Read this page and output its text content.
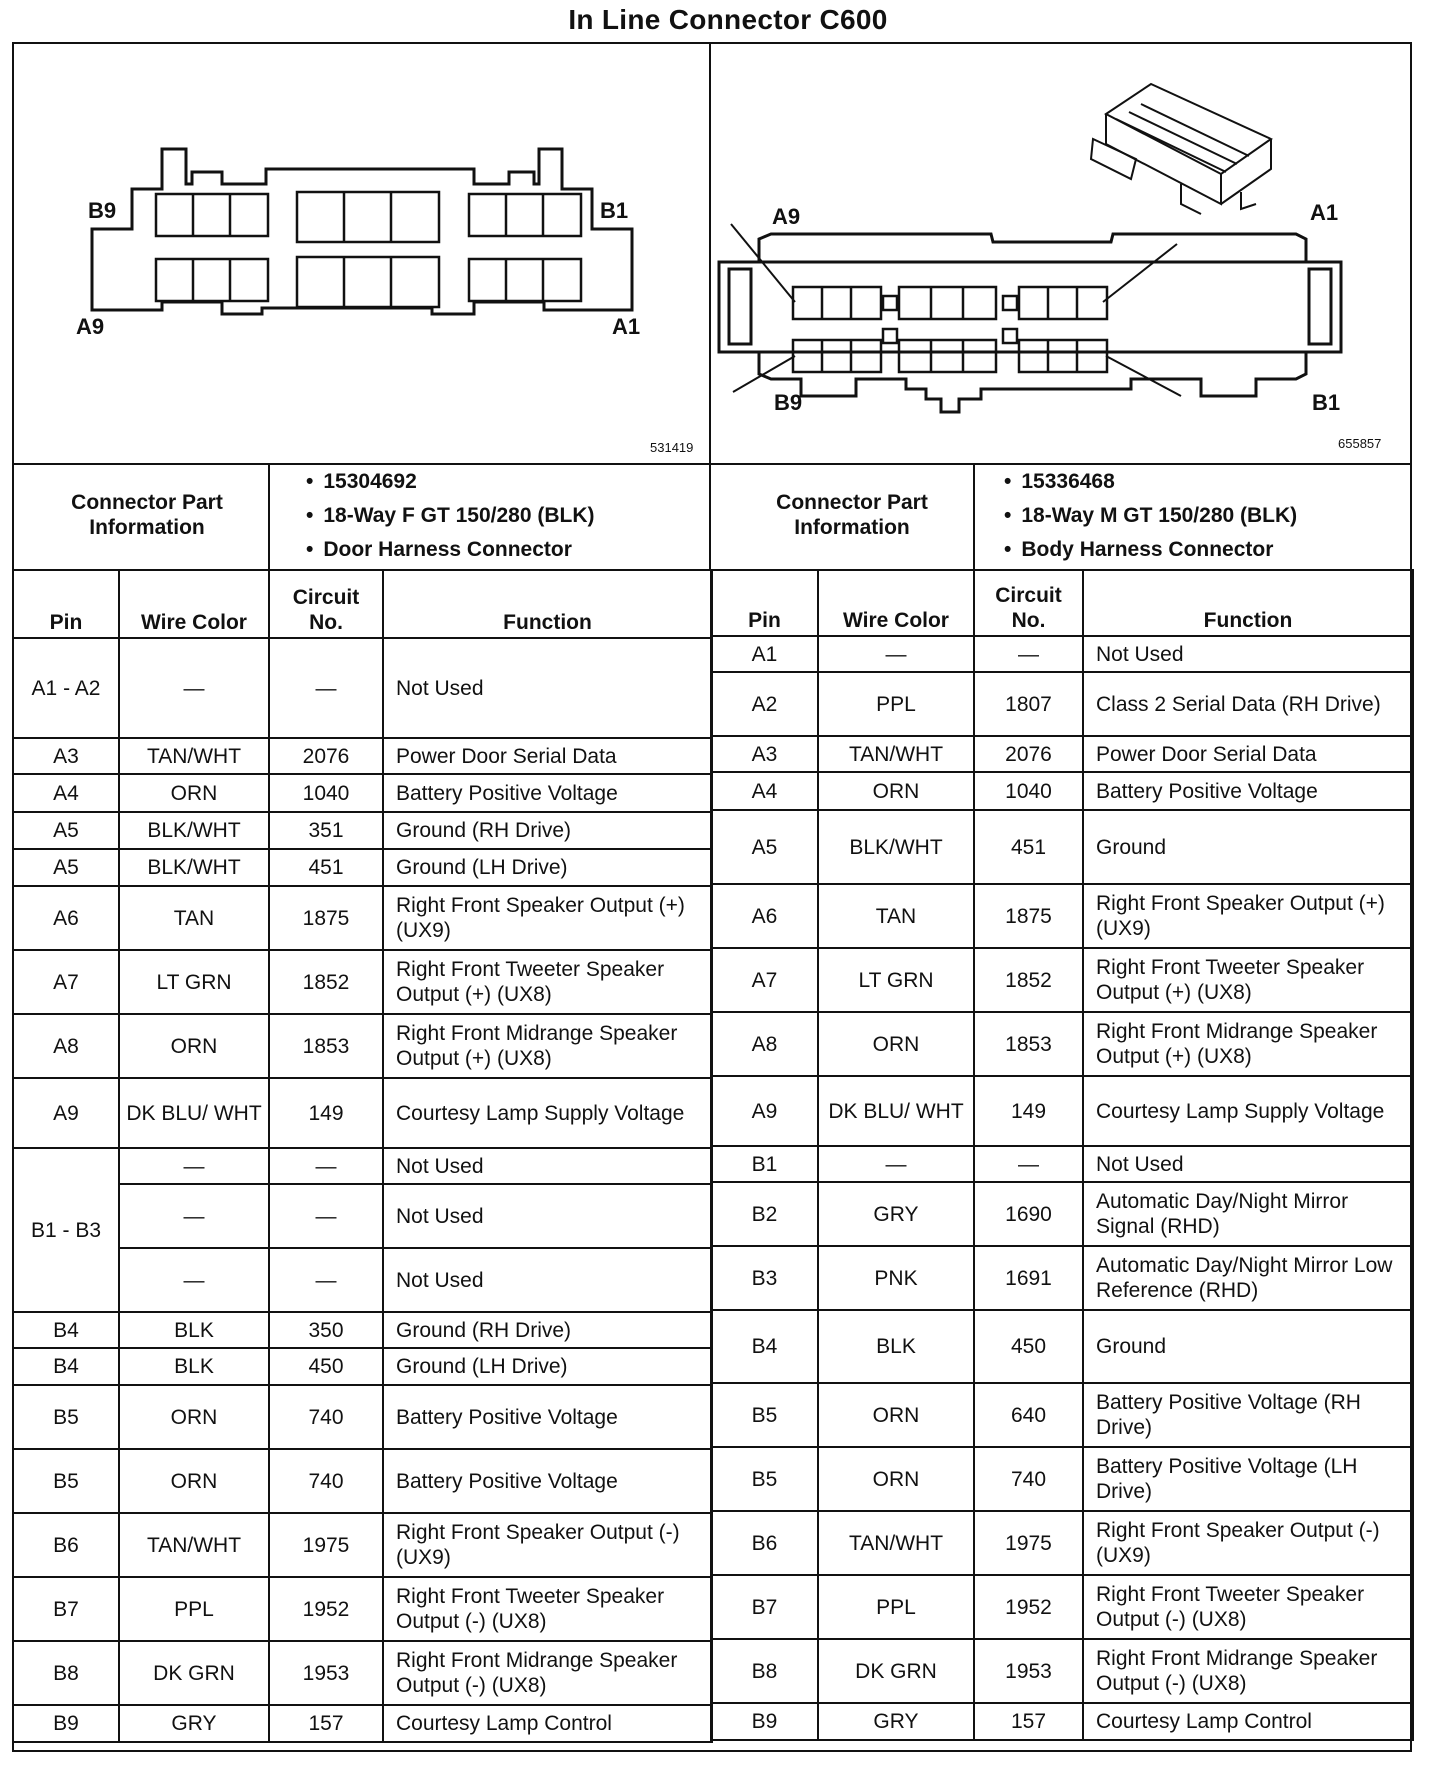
In Line Connector C600
B9	B1
A9	A1
531419
A9	A1
B9	B1
655857
Connector Part Information
• 15304692
• 18-Way F GT 150/280 (BLK)
• Door Harness Connector
Connector Part Information
• 15336468
• 18-Way M GT 150/280 (BLK)
• Body Harness Connector
Pin	Wire Color	Circuit No.	Function
A1 - A2	—	—	Not Used
A3	TAN/WHT	2076	Power Door Serial Data
A4	ORN	1040	Battery Positive Voltage
A5	BLK/WHT	351	Ground (RH Drive)
A5	BLK/WHT	451	Ground (LH Drive)
A6	TAN	1875	Right Front Speaker Output (+) (UX9)
A7	LT GRN	1852	Right Front Tweeter Speaker Output (+) (UX8)
A8	ORN	1853	Right Front Midrange Speaker Output (+) (UX8)
A9	DK BLU/ WHT	149	Courtesy Lamp Supply Voltage
B1 - B3	—	—	Not Used
	—	—	Not Used
	—	—	Not Used
B4	BLK	350	Ground (RH Drive)
B4	BLK	450	Ground (LH Drive)
B5	ORN	740	Battery Positive Voltage
B5	ORN	740	Battery Positive Voltage
B6	TAN/WHT	1975	Right Front Speaker Output (-) (UX9)
B7	PPL	1952	Right Front Tweeter Speaker Output (-) (UX8)
B8	DK GRN	1953	Right Front Midrange Speaker Output (-) (UX8)
B9	GRY	157	Courtesy Lamp Control
Pin	Wire Color	Circuit No.	Function
A1	—	—	Not Used
A2	PPL	1807	Class 2 Serial Data (RH Drive)
A3	TAN/WHT	2076	Power Door Serial Data
A4	ORN	1040	Battery Positive Voltage
A5	BLK/WHT	451	Ground
A6	TAN	1875	Right Front Speaker Output (+) (UX9)
A7	LT GRN	1852	Right Front Tweeter Speaker Output (+) (UX8)
A8	ORN	1853	Right Front Midrange Speaker Output (+) (UX8)
A9	DK BLU/ WHT	149	Courtesy Lamp Supply Voltage
B1	—	—	Not Used
B2	GRY	1690	Automatic Day/Night Mirror Signal (RHD)
B3	PNK	1691	Automatic Day/Night Mirror Low Reference (RHD)
B4	BLK	450	Ground
B5	ORN	640	Battery Positive Voltage (RH Drive)
B5	ORN	740	Battery Positive Voltage (LH Drive)
B6	TAN/WHT	1975	Right Front Speaker Output (-) (UX9)
B7	PPL	1952	Right Front Tweeter Speaker Output (-) (UX8)
B8	DK GRN	1953	Right Front Midrange Speaker Output (-) (UX8)
B9	GRY	157	Courtesy Lamp Control
